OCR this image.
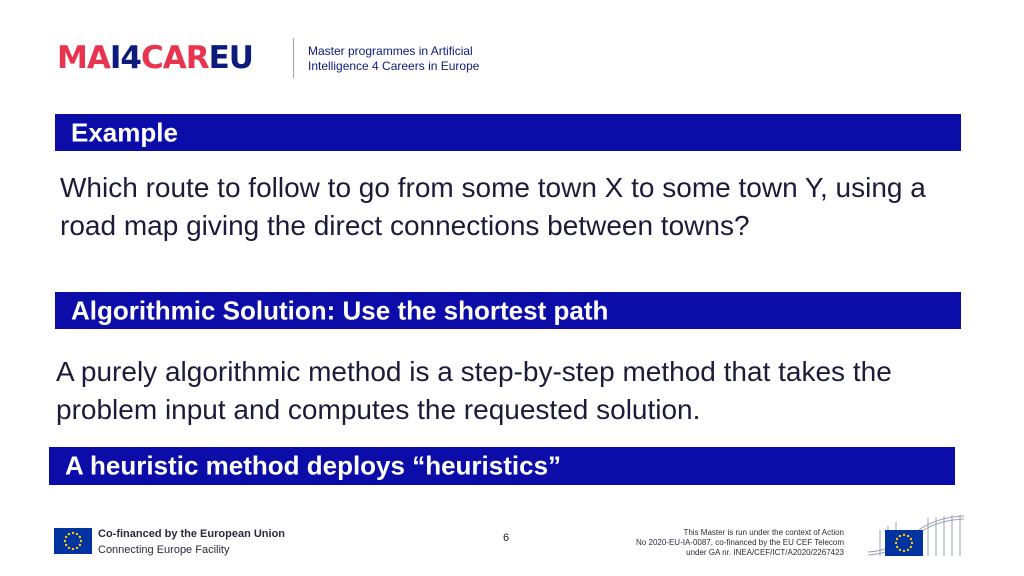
MA I4 CAR EU	Master programmes in Artificial
Intelligence 4 Careers in Europe
Example
Which route to follow to go from some town X to some town Y, using a road map giving the direct connections between towns?
Algorithmic Solution: Use the shortest path
A purely algorithmic method is a step-by-step method that takes the problem input and computes the requested solution.
A heuristic method deploys “heuristics”
Co-financed by the European Union
Connecting Europe Facility
6	This Master is run under the context of Action
No 2020-EU-IA-0087, co-financed by the EU CEF Telecom
under GA nr. INEA/CEF/ICT/A2020/2267423
